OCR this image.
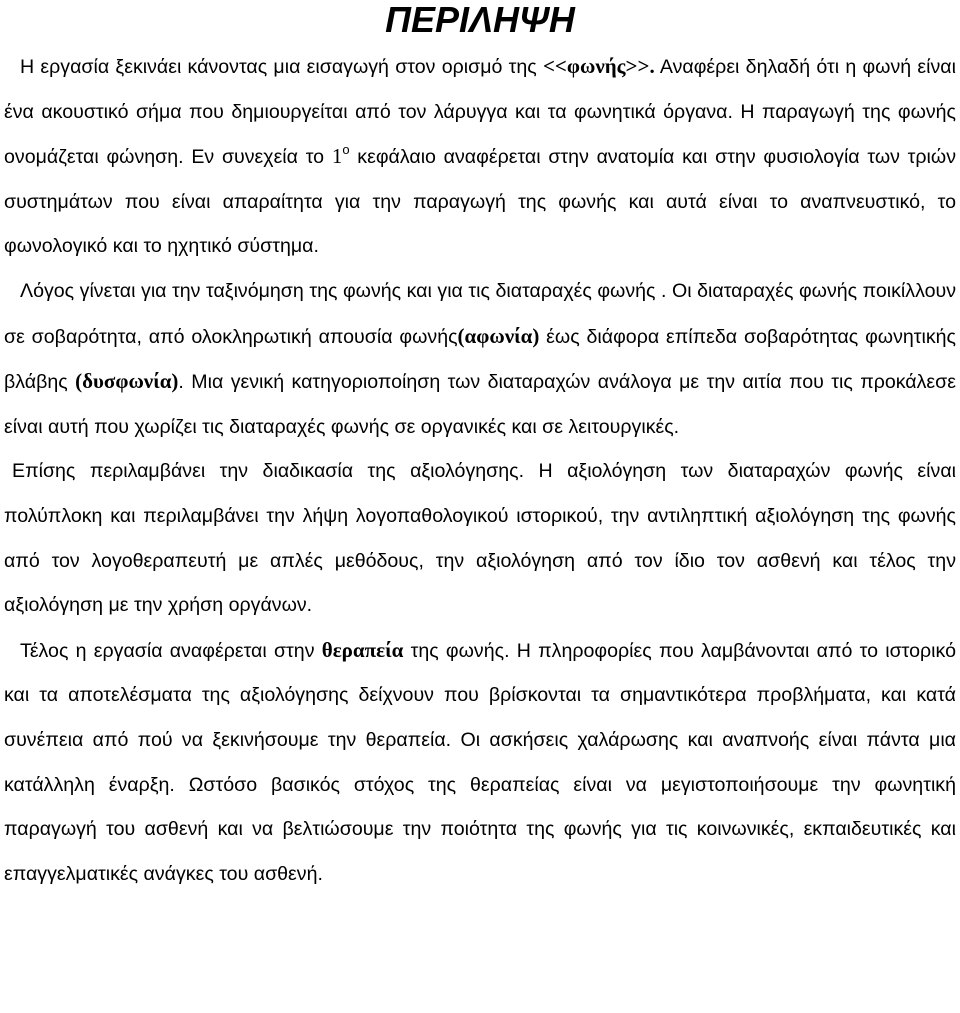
ΠΕΡΙΛΗΨΗ

Η εργασία ξεκινάει κάνοντας μια εισαγωγή στον ορισμό της <<φωνής>>. Αναφέρει δηλαδή ότι η φωνή είναι ένα ακουστικό σήμα που δημιουργείται από τον λάρυγγα και τα φωνητικά όργανα. Η παραγωγή της φωνής ονομάζεται φώνηση. Εν συνεχεία το $1^o$ κεφάλαιο αναφέρεται στην ανατομία και στην φυσιολογία των τριών συστημάτων που είναι απαραίτητα για την παραγωγή της φωνής και αυτά είναι το αναπνευστικό, το φωνολογικό και το ηχητικό σύστημα.

Λόγος γίνεται για την ταξινόμηση της φωνής και για τις διαταραχές φωνής . Οι διαταραχές φωνής ποικίλλουν σε σοβαρότητα, από ολοκληρωτική απουσία φωνής(αφωνία) έως διάφορα επίπεδα σοβαρότητας φωνητικής βλάβης (δυσφωνία). Μια γενική κατηγοριοποίηση των διαταραχών ανάλογα με την αιτία που τις προκάλεσε είναι αυτή που χωρίζει τις διαταραχές φωνής σε οργανικές και σε λειτουργικές.

Επίσης περιλαμβάνει την διαδικασία της αξιολόγησης. Η αξιολόγηση των διαταραχών φωνής είναι πολύπλοκη και περιλαμβάνει την λήψη λογοπαθολογικού ιστορικού, την αντιληπτική αξιολόγηση της φωνής από τον λογοθεραπευτή με απλές μεθόδους, την αξιολόγηση από τον ίδιο τον ασθενή και τέλος την αξιολόγηση με την χρήση οργάνων.

Τέλος η εργασία αναφέρεται στην θεραπεία της φωνής. Η πληροφορίες που λαμβάνονται από το ιστορικό και τα αποτελέσματα της αξιολόγησης δείχνουν που βρίσκονται τα σημαντικότερα προβλήματα, και κατά συνέπεια από πού να ξεκινήσουμε την θεραπεία. Οι ασκήσεις χαλάρωσης και αναπνοής είναι πάντα μια κατάλληλη έναρξη. Ωστόσο βασικός στόχος της θεραπείας είναι να μεγιστοποιήσουμε την φωνητική παραγωγή του ασθενή και να βελτιώσουμε την ποιότητα της φωνής για τις κοινωνικές, εκπαιδευτικές και επαγγελματικές ανάγκες του ασθενή.
